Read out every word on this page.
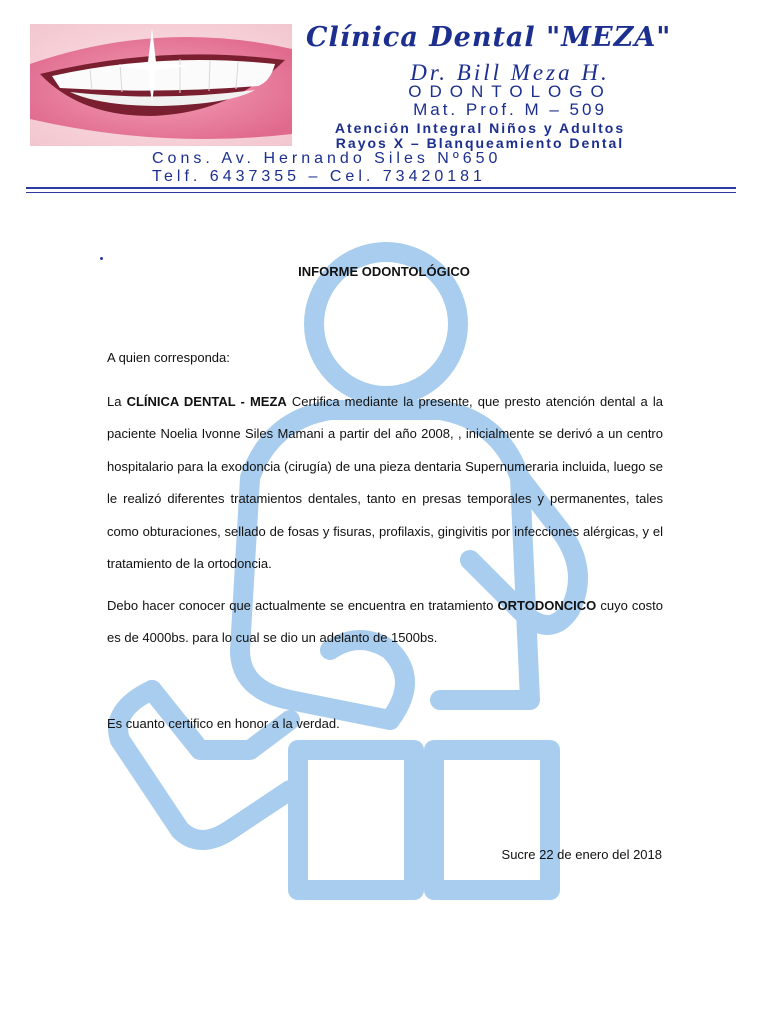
Clínica Dental "MEZA"
Dr. Bill Meza H.
ODONTOLOGO
Mat. Prof. M – 509
Atención Integral Niños y Adultos
Rayos X – Blanqueamiento Dental
Cons. Av. Hernando Siles Nº650
Telf. 6437355 – Cel. 73420181
INFORME ODONTOLÓGICO
A quien corresponda:
La CLÍNICA DENTAL - MEZA Certifica mediante la presente, que presto atención dental a la paciente Noelia Ivonne Siles Mamani a partir del año 2008, , inicialmente se derivó a un centro hospitalario para la exodoncia (cirugía) de una pieza dentaria Supernumeraria incluida, luego se le realizó diferentes tratamientos dentales, tanto en presas temporales y permanentes, tales como obturaciones, sellado de fosas y fisuras, profilaxis, gingivitis por infecciones alérgicas, y el tratamiento de la ortodoncia.
Debo hacer conocer que actualmente se encuentra en tratamiento ORTODONCICO cuyo costo es de 4000bs. para lo cual se dio un adelanto de 1500bs.
Es cuanto certifico en honor a la verdad.
Sucre 22 de enero del 2018
